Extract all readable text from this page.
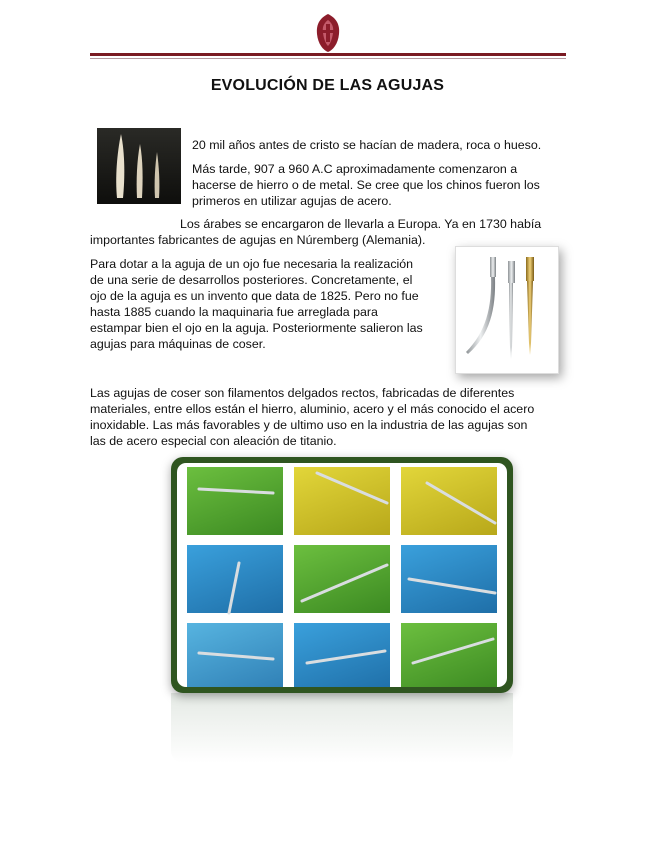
EVOLUCIÓN DE LAS AGUJAS
20 mil años antes de cristo se hacían de madera, roca o hueso.
Más tarde, 907 a 960 A.C aproximadamente comenzaron a
hacerse de hierro o de metal. Se cree que los chinos fueron los
primeros en utilizar agujas de acero.
Los árabes se encargaron de llevarla a Europa. Ya en 1730 había
importantes fabricantes de agujas en Núremberg (Alemania).
Para dotar a la aguja de un ojo fue necesaria la realización
de una serie de desarrollos posteriores. Concretamente, el
ojo de la aguja es un invento que data de 1825. Pero no fue
hasta 1885 cuando la maquinaria fue arreglada para
estampar bien el ojo en la aguja. Posteriormente salieron las
agujas para máquinas de coser.
Las agujas de coser son filamentos delgados rectos, fabricadas de diferentes
materiales, entre ellos están el hierro, aluminio, acero y el más conocido el acero
inoxidable. Las más favorables y de ultimo uso en la industria de las agujas son
las de acero especial con aleación de titanio.
